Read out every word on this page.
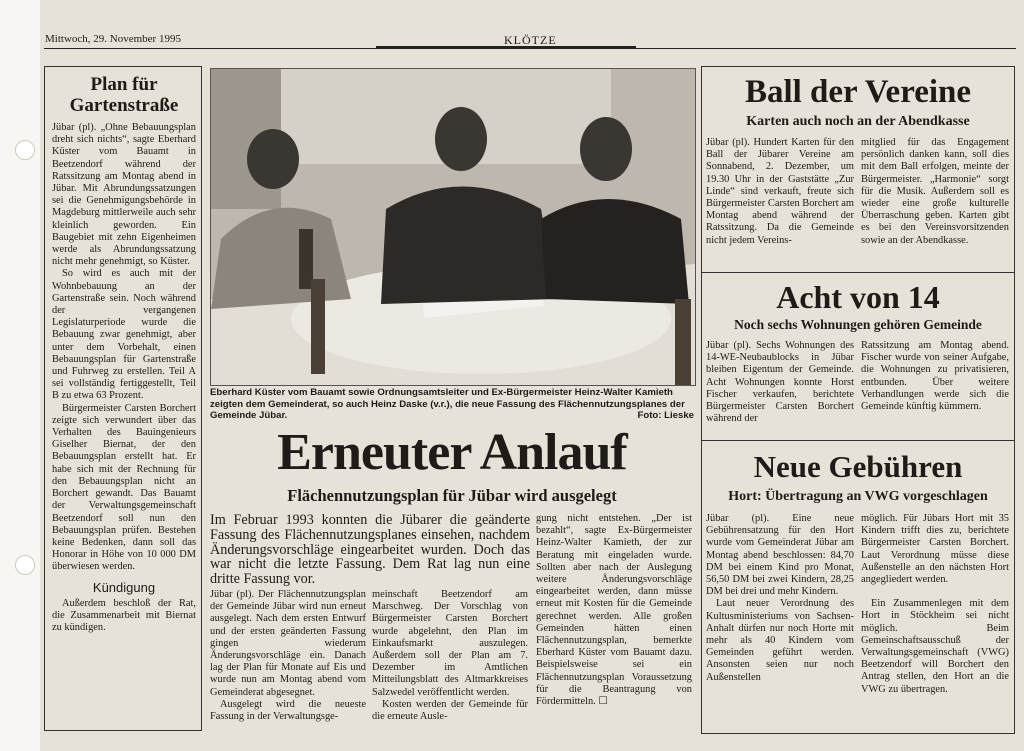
Mittwoch, 29. November 1995	KLÖTZE
Plan für Gartenstraße

Jübar (pl). „Ohne Bebauungsplan dreht sich nichts“, sagte Eberhard Küster vom Bauamt in Beetzendorf während der Ratssitzung am Montag abend in Jübar. Mit Abrundungssatzungen sei die Genehmigungsbehörde in Magdeburg mittlerweile auch sehr kleinlich geworden. Ein Baugebiet mit zehn Eigenheimen werde als Abrundungssatzung nicht mehr genehmigt, so Küster.

So wird es auch mit der Wohnbebauung an der Gartenstraße sein. Noch während der vergangenen Legislaturperiode wurde die Bebauung zwar genehmigt, aber unter dem Vorbehalt, einen Bebauungsplan für Gartenstraße und Fuhrweg zu erstellen. Teil A sei vollständig fertiggestellt, Teil B zu etwa 63 Prozent.

Bürgermeister Carsten Borchert zeigte sich verwundert über das Verhalten des Bauingenieurs Giselher Biernat, der den Bebauungsplan erstellt hat. Er habe sich mit der Rechnung für den Bebauungsplan nicht an Borchert gewandt. Das Bauamt der Verwaltungsgemeinschaft Beetzendorf soll nun den Bebauungsplan prüfen. Bestehen keine Bedenken, dann soll das Honorar in Höhe von 10 000 DM überwiesen werden.

Kündigung

Außerdem beschloß der Rat, die Zusammenarbeit mit Biernat zu kündigen.

Eberhard Küster vom Bauamt sowie Ordnungsamtsleiter und Ex-Bürgermeister Heinz-Walter Kamieth zeigten dem Gemeinderat, so auch Heinz Daske (v.r.), die neue Fassung des Flächennutzungsplanes der Gemeinde Jübar.	Foto: Lieske
Erneuter Anlauf
Flächennutzungsplan für Jübar wird ausgelegt
Im Februar 1993 konnten die Jübarer die geänderte Fassung des Flächennutzungsplanes einsehen, nachdem Änderungsvorschläge eingearbeitet wurden. Doch das war nicht die letzte Fassung. Dem Rat lag nun eine dritte Fassung vor.

Jübar (pl). Der Flächennutzungsplan der Gemeinde Jübar wird nun erneut ausgelegt. Nach dem ersten Entwurf und der ersten geänderten Fassung gingen wiederum Änderungsvorschläge ein. Danach lag der Plan für Monate auf Eis und wurde nun am Montag abend vom Gemeinderat abgesegnet.

Ausgelegt wird die neueste Fassung in der Verwaltungsge-

meinschaft Beetzendorf am Marschweg. Der Vorschlag von Bürgermeister Carsten Borchert wurde abgelehnt, den Plan im Einkaufsmarkt auszulegen. Außerdem soll der Plan am 7. Dezember im Amtlichen Mitteilungsblatt des Altmarkkreises Salzwedel veröffentlicht werden.

Kosten werden der Gemeinde für die erneute Ausle-

gung nicht entstehen. „Der ist bezahlt“, sagte Ex-Bürgermeister Heinz-Walter Kamieth, der zur Beratung mit eingeladen wurde. Sollten aber nach der Auslegung weitere Änderungsvorschläge eingearbeitet werden, dann müsse erneut mit Kosten für die Gemeinde gerechnet werden. Alle großen Gemeinden hätten einen Flächennutzungsplan, bemerkte Eberhard Küster vom Bauamt dazu. Beispielsweise sei ein Flächennutzungsplan Voraussetzung für die Beantragung von Fördermitteln. ☐

Ball der Vereine
Karten auch noch an der Abendkasse
Jübar (pl). Hundert Karten für den Ball der Jübarer Vereine am Sonnabend, 2. Dezember, um 19.30 Uhr in der Gaststätte „Zur Linde“ sind verkauft, freute sich Bürgermeister Carsten Borchert am Montag abend während der Ratssitzung. Da die Gemeinde nicht jedem Vereins-
mitglied für das Engagement persönlich danken kann, soll dies mit dem Ball erfolgen, meinte der Bürgermeister. „Harmonie“ sorgt für die Musik. Außerdem soll es wieder eine große kulturelle Überraschung geben. Karten gibt es bei den Vereinsvorsitzenden sowie an der Abendkasse.
Acht von 14
Noch sechs Wohnungen gehören Gemeinde
Jübar (pl). Sechs Wohnungen des 14-WE-Neubaublocks in Jübar bleiben Eigentum der Gemeinde. Acht Wohnungen konnte Horst Fischer verkaufen, berichtete Bürgermeister Carsten Borchert während der
Ratssitzung am Montag abend. Fischer wurde von seiner Aufgabe, die Wohnungen zu privatisieren, entbunden. Über weitere Verhandlungen werde sich die Gemeinde künftig kümmern.
Neue Gebühren
Hort: Übertragung an VWG vorgeschlagen

Jübar (pl). Eine neue Gebührensatzung für den Hort wurde vom Gemeinderat Jübar am Montag abend beschlossen: 84,70 DM bei einem Kind pro Monat, 56,50 DM bei zwei Kindern, 28,25 DM bei drei und mehr Kindern.

Laut neuer Verordnung des Kultusministeriums von Sachsen-Anhalt dürfen nur noch Horte mit mehr als 40 Kindern vom Gemeinden geführt werden. Ansonsten seien nur noch Außenstellen

möglich. Für Jübars Hort mit 35 Kindern trifft dies zu, berichtete Bürgermeister Carsten Borchert. Laut Verordnung müsse diese Außenstelle an den nächsten Hort angegliedert werden.

Ein Zusammenlegen mit dem Hort in Stöckheim sei nicht möglich. Beim Gemeinschaftsausschuß der Verwaltungsgemeinschaft (VWG) Beetzendorf will Borchert den Antrag stellen, den Hort an die VWG zu übertragen.
